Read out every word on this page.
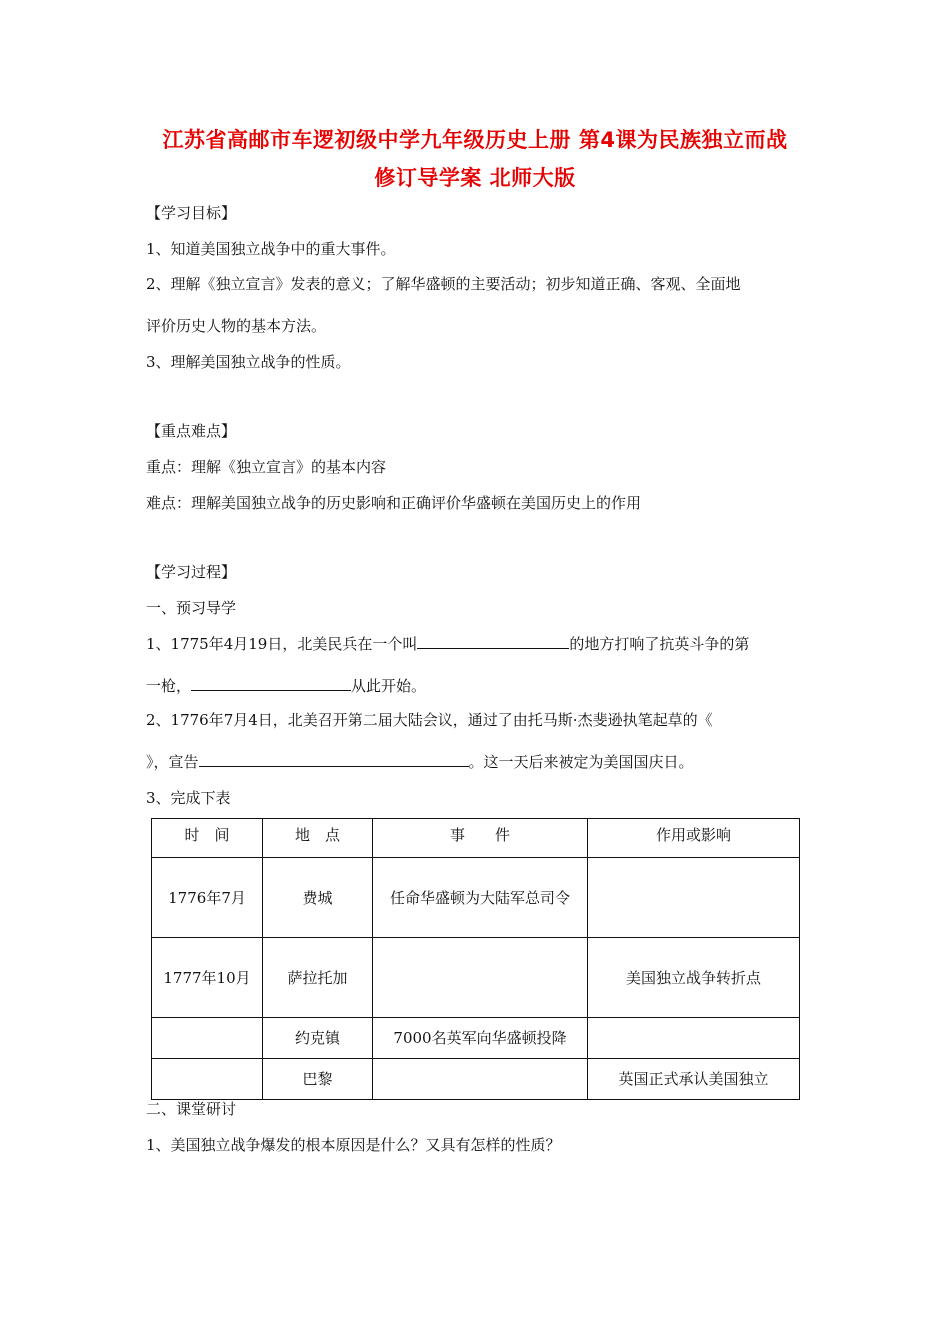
江苏省高邮市车逻初级中学九年级历史上册 第4课为民族独立而战
修订导学案 北师大版
【学习目标】
1、知道美国独立战争中的重大事件。
2、理解《独立宣言》发表的意义；了解华盛顿的主要活动；初步知道正确、客观、全面地
评价历史人物的基本方法。
3、理解美国独立战争的性质。
【重点难点】
重点：理解《独立宣言》的基本内容
难点：理解美国独立战争的历史影响和正确评价华盛顿在美国历史上的作用
【学习过程】
一、预习导学
1、1775年4月19日，北美民兵在一个叫	的地方打响了抗英斗争的第
一枪，	从此开始。
2、1776年7月4日，北美召开第二届大陆会议，通过了由托马斯·杰斐逊执笔起草的《
》，宣告	。这一天后来被定为美国国庆日。
3、完成下表
时　间	地　点	事　　件	作用或影响
1776年7月	费城	任命华盛顿为大陆军总司令	
1777年10月	萨拉托加		美国独立战争转折点
	约克镇	7000名英军向华盛顿投降	
	巴黎		英国正式承认美国独立
二、课堂研讨
1、美国独立战争爆发的根本原因是什么？又具有怎样的性质？
